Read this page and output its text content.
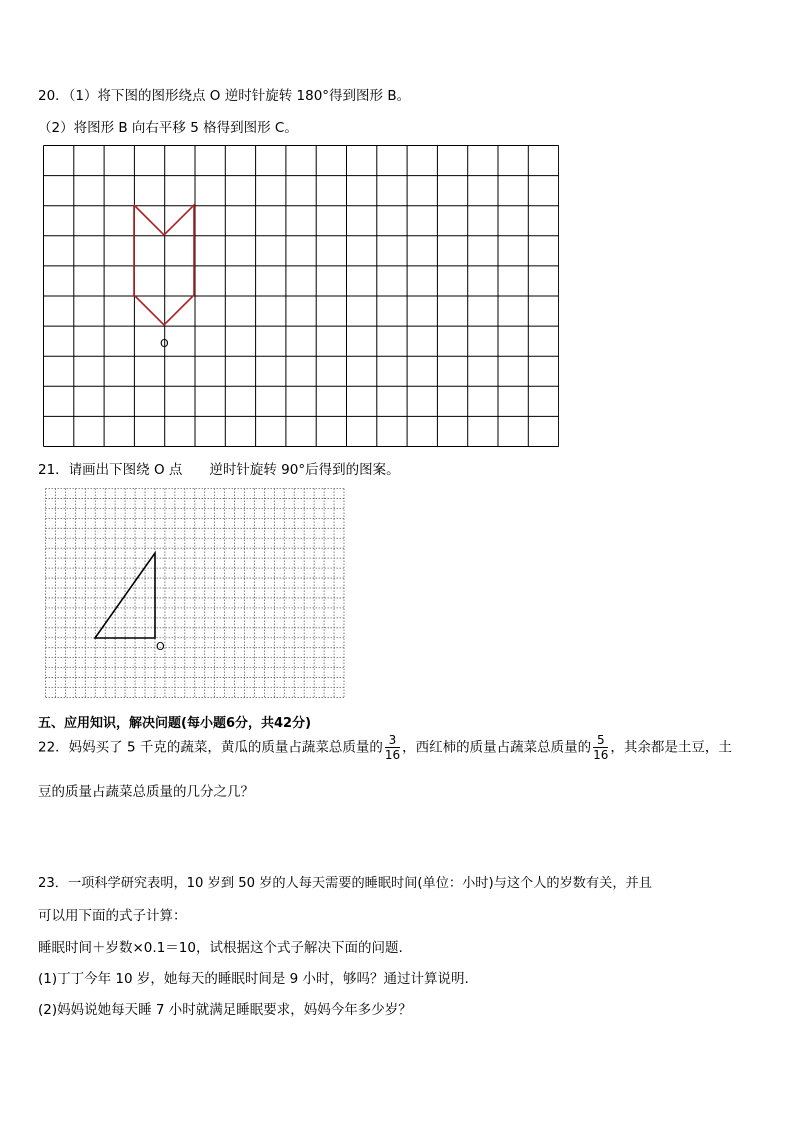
20．（1）将下图的图形绕点 O 逆时针旋转 180°得到图形 B。
（2）将图形 B 向右平移 5 格得到图形 C。
O
21．请画出下图绕 O 点　　逆时针旋转 90°后得到的图案。
O
五、应用知识，解决问题(每小题6分，共42分)
22．妈妈买了 5 千克的蔬菜，黄瓜的质量占蔬菜总质量的 $\frac{3}{16}$ ，西红柿的质量占蔬菜总质量的 $\frac{5}{16}$ ，其余都是土豆，土
豆的质量占蔬菜总质量的几分之几？
23．一项科学研究表明，10 岁到 50 岁的人每天需要的睡眠时间(单位：小时)与这个人的岁数有关，并且
可以用下面的式子计算：
睡眠时间＋岁数×0.1＝10，试根据这个式子解决下面的问题.
(1)丁丁今年 10 岁，她每天的睡眠时间是 9 小时，够吗？通过计算说明.
(2)妈妈说她每天睡 7 小时就满足睡眠要求，妈妈今年多少岁？
